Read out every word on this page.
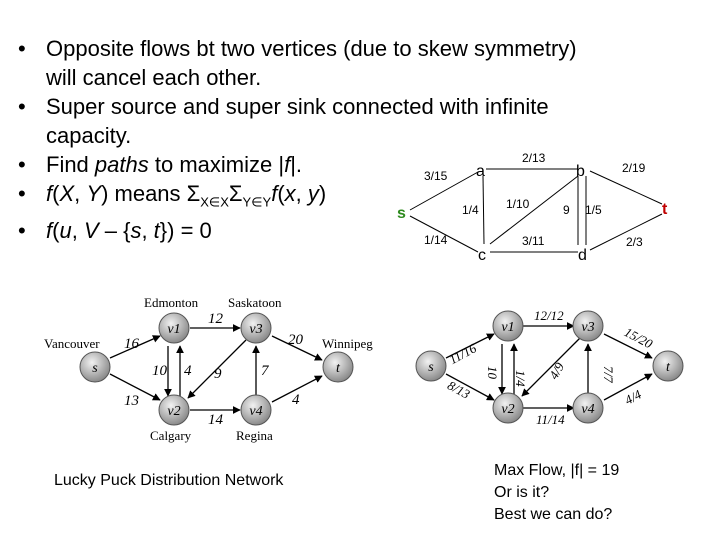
• Opposite flows bt two vertices (due to skew symmetry)
will cancel each other.
• Super source and super sink connected with infinite
capacity.
• Find paths to maximize |f|.
• f(X, Y) means $\Sigma_{X\in X}\Sigma_{Y\in Y}f(x$, y)
• f(u, V – {s, t}) = 0
3/15
2/13
2/19
1/14
1/4 1/10	9 1/5
3/11	2/3
s
a	b
c	d
t
16
13
12
4
10	9
14
7
20
4
s
v1
v2
v3
v4
t
Edmonton Saskatoon
Vancouver	Winnipeg
Calgary	Regina
Lucky Puck Distribution Network
11/16
8/13
12/12
1/4
10	4/9
11/14
7/7
15/20
4/4
s
v1
v2
v3
v4
t
Max Flow, |f| = 19
Or is it?
Best we can do?
